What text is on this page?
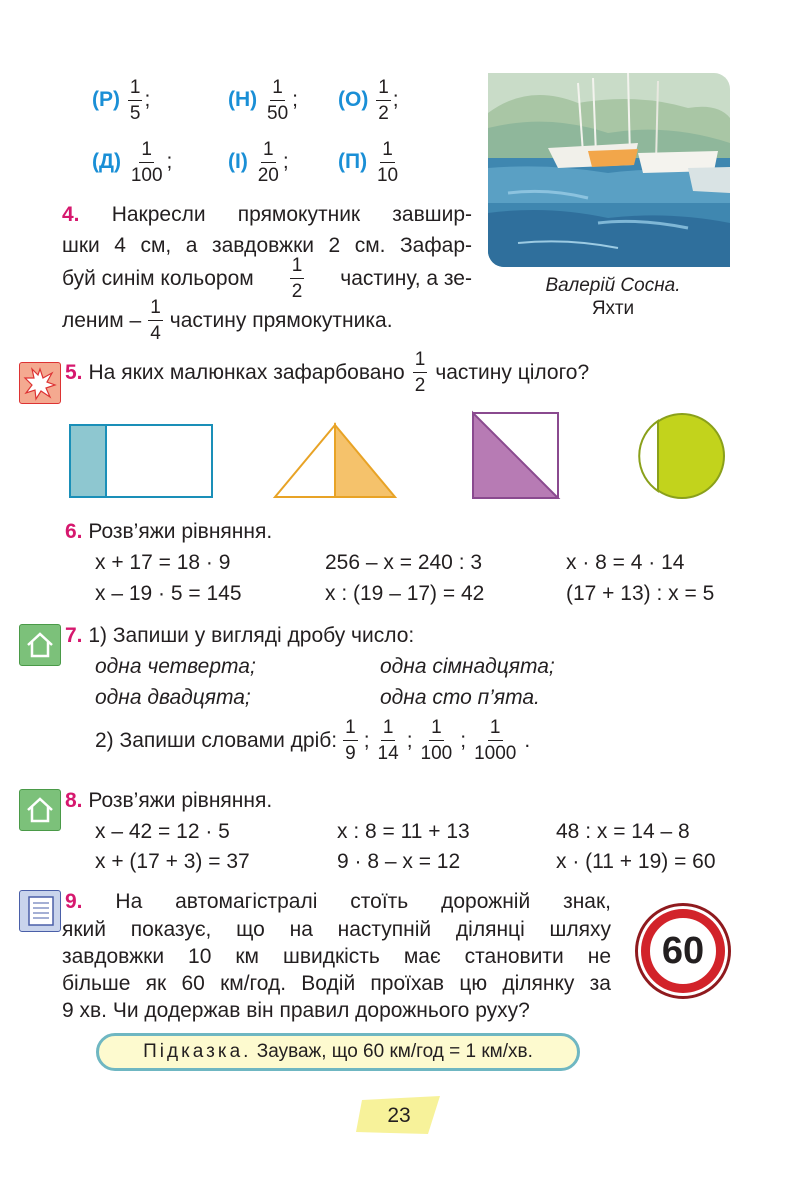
$(Р) \frac{1}{5}$ ;	$(Н) \frac{1}{50}$ ; $(О) \frac{1}{2}$ ;
$(Д) \frac{1}{100}$ ;	$(І) \frac{1}{20}$ ; $(П) \frac{1}{10}$
Валерій Сосна.
Яхти
4. Накресли прямокутник завшир-
шки 4 см, а завдовжки 2 см. Зафар-
буй синім кольором $\frac{1}{2}$ частину, а зе-
леним – $\frac{1}{4}$ частину прямокутника.
5. На яких малюнках зафарбовано $\frac{1}{2}$ частину цілого?
6. Розв’яжи рівняння.
x + 17 = 18 · 9	256 – x = 240 : 3	x · 8 = 4 · 14
x – 19 · 5 = 145	x : (19 – 17) = 42	(17 + 13) : x = 5
7. 1) Запиши у вигляді дробу число:
одна четверта;	одна сімнадцята;
одна двадцята;	одна сто п’ята.
2) Запиши словами дріб: $\frac{1}{9}$ ; $\frac{1}{14}$ ; $\frac{1}{100}$ ; $\frac{1}{1000}$ .
8. Розв’яжи рівняння.
x – 42 = 12 · 5	x : 8 = 11 + 13	48 : x = 14 – 8
x + (17 + 3) = 37	9 · 8 – x = 12	x · (11 + 19) = 60
9. На автомагістралі стоїть дорожній знак,
який показує, що на наступній ділянці шляху
завдовжки 10 км швидкість має становити не
більше як 60 км/год. Водій проїхав цю ділянку за
9 хв. Чи додержав він правил дорожнього руху?
60
Підказка.
Зауваж, що 60 км/год = 1 км/хв.
23
